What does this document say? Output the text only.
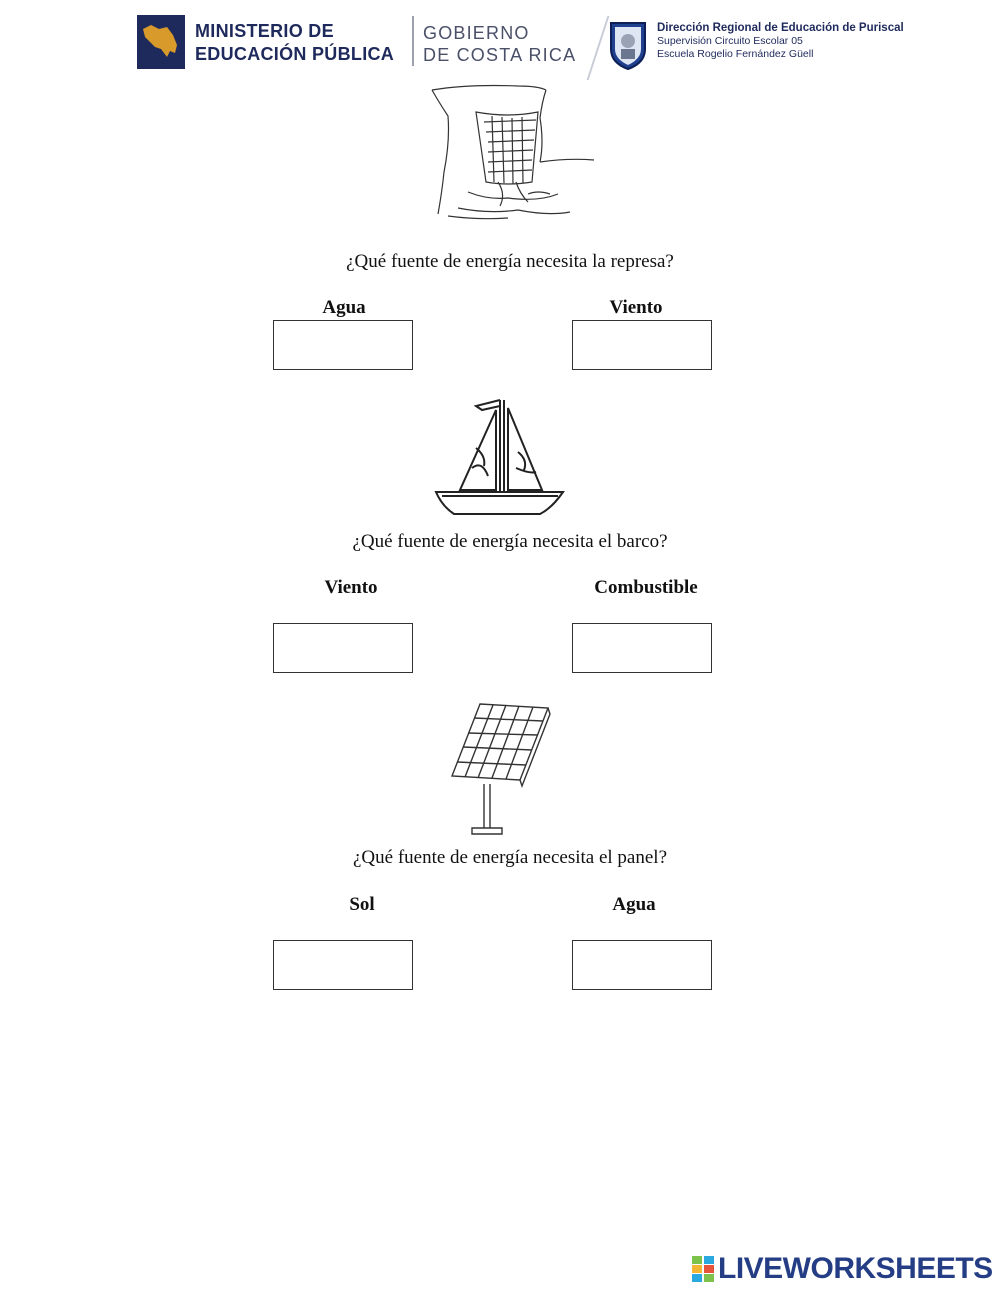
MINISTERIO DE
EDUCACIÓN PÚBLICA
GOBIERNO
DE COSTA RICA
Dirección Regional de Educación de Puriscal
Supervisión Circuito Escolar 05
Escuela Rogelio Fernández Güell
¿Qué fuente de energía necesita la represa?
Agua	Viento
¿Qué fuente de energía necesita el barco?
Viento	Combustible
¿Qué fuente de energía necesita el panel?
Sol	Agua
LIVEWORKSHEETS
